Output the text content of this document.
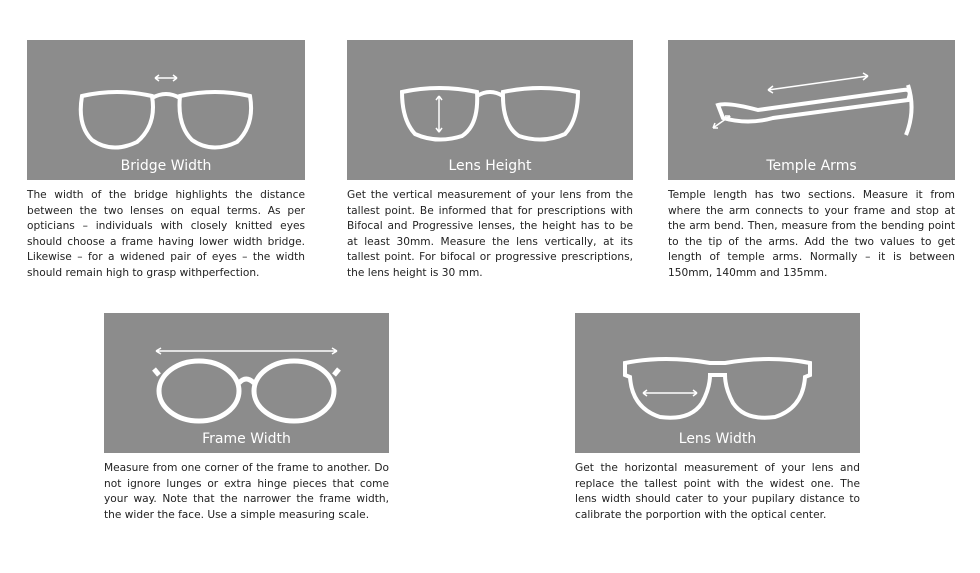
Bridge Width
The width of the bridge highlights the distance between the two lenses on equal terms. As per opticians – individuals with closely knitted eyes should choose a frame having lower width bridge. Likewise – for a widened pair of eyes – the width should remain high to grasp withperfection.
Lens Height
Get the vertical measurement of your lens from the tallest point. Be informed that for prescriptions with Bifocal and Progressive lenses, the height has to be at least 30mm. Measure the lens vertically, at its tallest point. For bifocal or progressive prescriptions, the lens height is 30 mm.
Temple Arms
Temple length has two sections. Measure it from where the arm connects to your frame and stop at the arm bend. Then, measure from the bending point to the tip of the arms. Add the two values to get length of temple arms. Normally – it is between 150mm, 140mm and 135mm.
Frame Width
Measure from one corner of the frame to another. Do not ignore lunges or extra hinge pieces that come your way. Note that the narrower the frame width, the wider the face. Use a simple measuring scale.
Lens Width
Get the horizontal measurement of your lens and replace the tallest point with the widest one. The lens width should cater to your pupilary distance to calibrate the porportion with the optical center.
